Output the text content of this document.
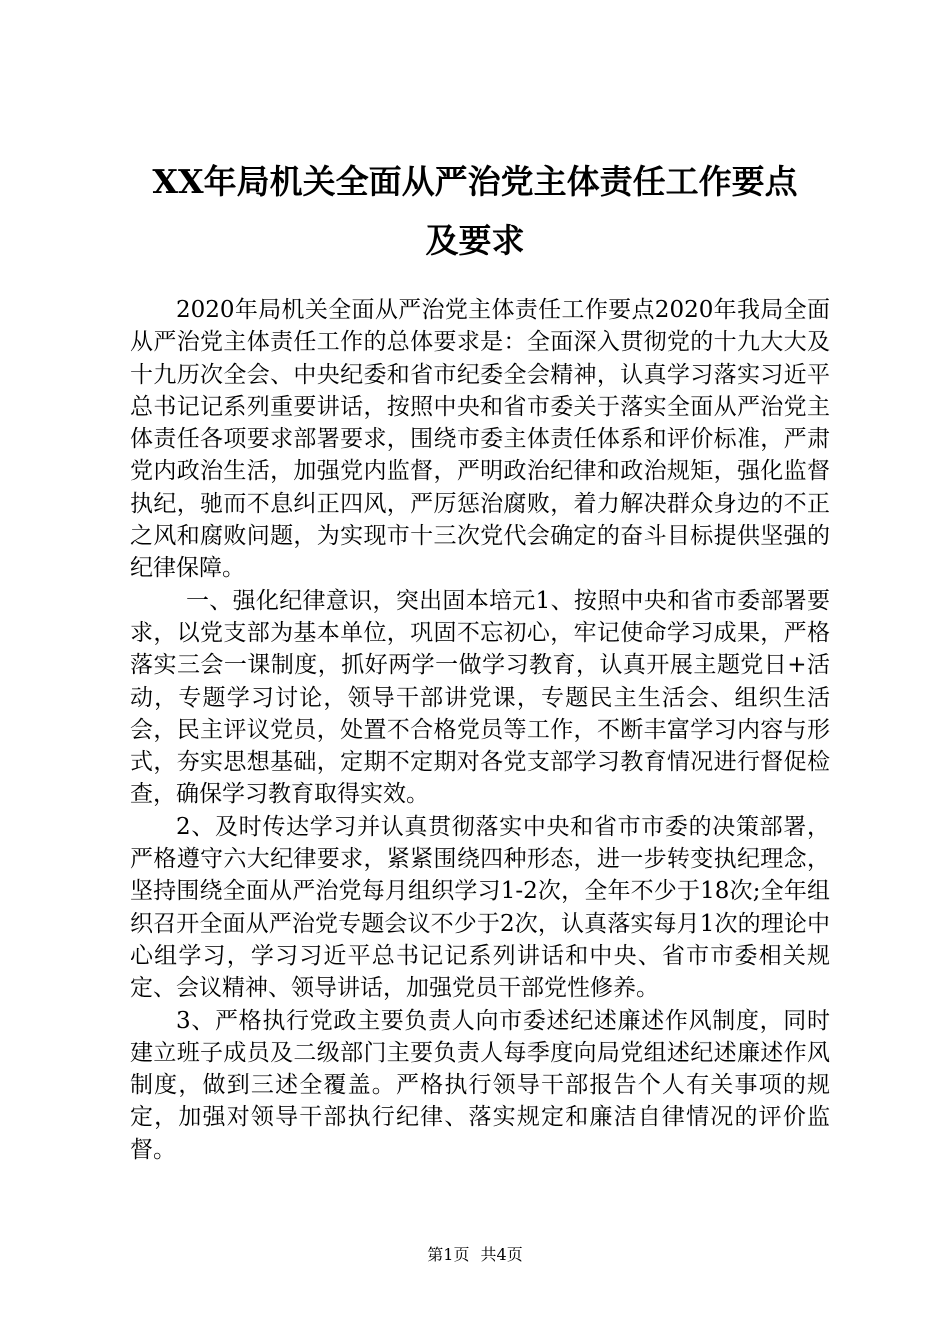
XX年局机关全面从严治党主体责任工作要点
及要求

2020年局机关全面从严治党主体责任工作要点2020年我局全面从严治党主体责任工作的总体要求是：全面深入贯彻党的十九大大及十九历次全会、中央纪委和省市纪委全会精神，认真学习落实习近平总书记记系列重要讲话，按照中央和省市委关于落实全面从严治党主体责任各项要求部署要求，围绕市委主体责任体系和评价标准，严肃党内政治生活，加强党内监督，严明政治纪律和政治规矩，强化监督执纪，驰而不息纠正四风，严厉惩治腐败，着力解决群众身边的不正之风和腐败问题，为实现市十三次党代会确定的奋斗目标提供坚强的纪律保障。

一、强化纪律意识，突出固本培元1、按照中央和省市委部署要求，以党支部为基本单位，巩固不忘初心，牢记使命学习成果，严格落实三会一课制度，抓好两学一做学习教育，认真开展主题党日+活动，专题学习讨论，领导干部讲党课，专题民主生活会、组织生活会，民主评议党员，处置不合格党员等工作，不断丰富学习内容与形式，夯实思想基础，定期不定期对各党支部学习教育情况进行督促检查，确保学习教育取得实效。

2、及时传达学习并认真贯彻落实中央和省市市委的决策部署，严格遵守六大纪律要求，紧紧围绕四种形态，进一步转变执纪理念，坚持围绕全面从严治党每月组织学习1-2次，全年不少于18次;全年组织召开全面从严治党专题会议不少于2次，认真落实每月1次的理论中心组学习，学习习近平总书记记系列讲话和中央、省市市委相关规定、会议精神、领导讲话，加强党员干部党性修养。

3、严格执行党政主要负责人向市委述纪述廉述作风制度，同时建立班子成员及二级部门主要负责人每季度向局党组述纪述廉述作风制度，做到三述全覆盖。严格执行领导干部报告个人有关事项的规定，加强对领导干部执行纪律、落实规定和廉洁自律情况的评价监督。

第1页 共4页
